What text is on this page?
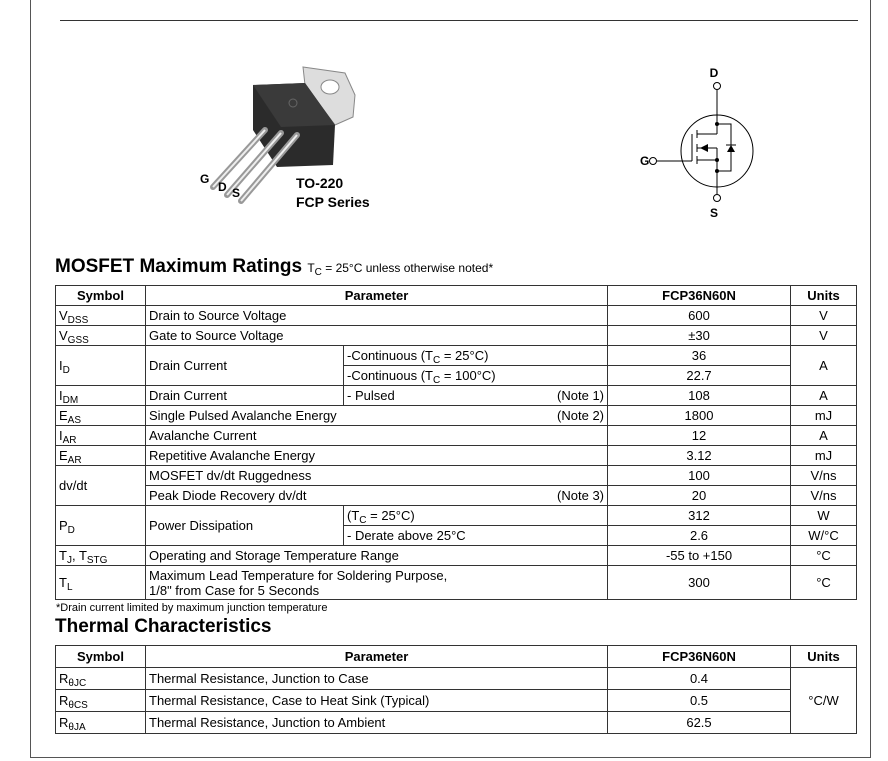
G
D S
TO-220
FCP Series
D
G
S
MOSFET Maximum Ratings $T_C = 25^\circ C$ unless otherwise noted*
Symbol	Parameter		FCP36N60N	Units
$V_{DSS}$	Drain to Source Voltage		600	V
$V_{GSS}$	Gate to Source Voltage		±30	V
$I_D$	Drain Current	-Continuous $(T_C = 25^\circ C)$	36	A
		-Continuous $(T_C = 100^\circ C)$	22.7	
$I_{DM}$	Drain Current	- Pulsed (Note 1)	108	A
$E_{AS}$	Single Pulsed Avalanche Energy (Note 2)		1800	mJ
$I_{AR}$	Avalanche Current		12	A
$E_{AR}$	Repetitive Avalanche Energy		3.12	mJ
dv/dt	MOSFET dv/dt Ruggedness		100	V/ns
	Peak Diode Recovery dv/dt (Note 3)		20	V/ns
$P_D$	Power Dissipation	$(T_C = 25^\circ C)$	312	W
		- Derate above 25°C	2.6	W/°C
$T_J$, $T_{STG}$	Operating and Storage Temperature Range		-55 to +150	°C
$T_L$	Maximum Lead Temperature for Soldering Purpose,
1/8" from Case for 5 Seconds		300	°C
*Drain current limited by maximum junction temperature
Thermal Characteristics
Symbol	Parameter	FCP36N60N	Units
$R_{\theta JC}$	Thermal Resistance, Junction to Case	0.4	°C/W
$R_{\theta CS}$	Thermal Resistance, Case to Heat Sink (Typical)	0.5	
$R_{\theta JA}$	Thermal Resistance, Junction to Ambient	62.5	
